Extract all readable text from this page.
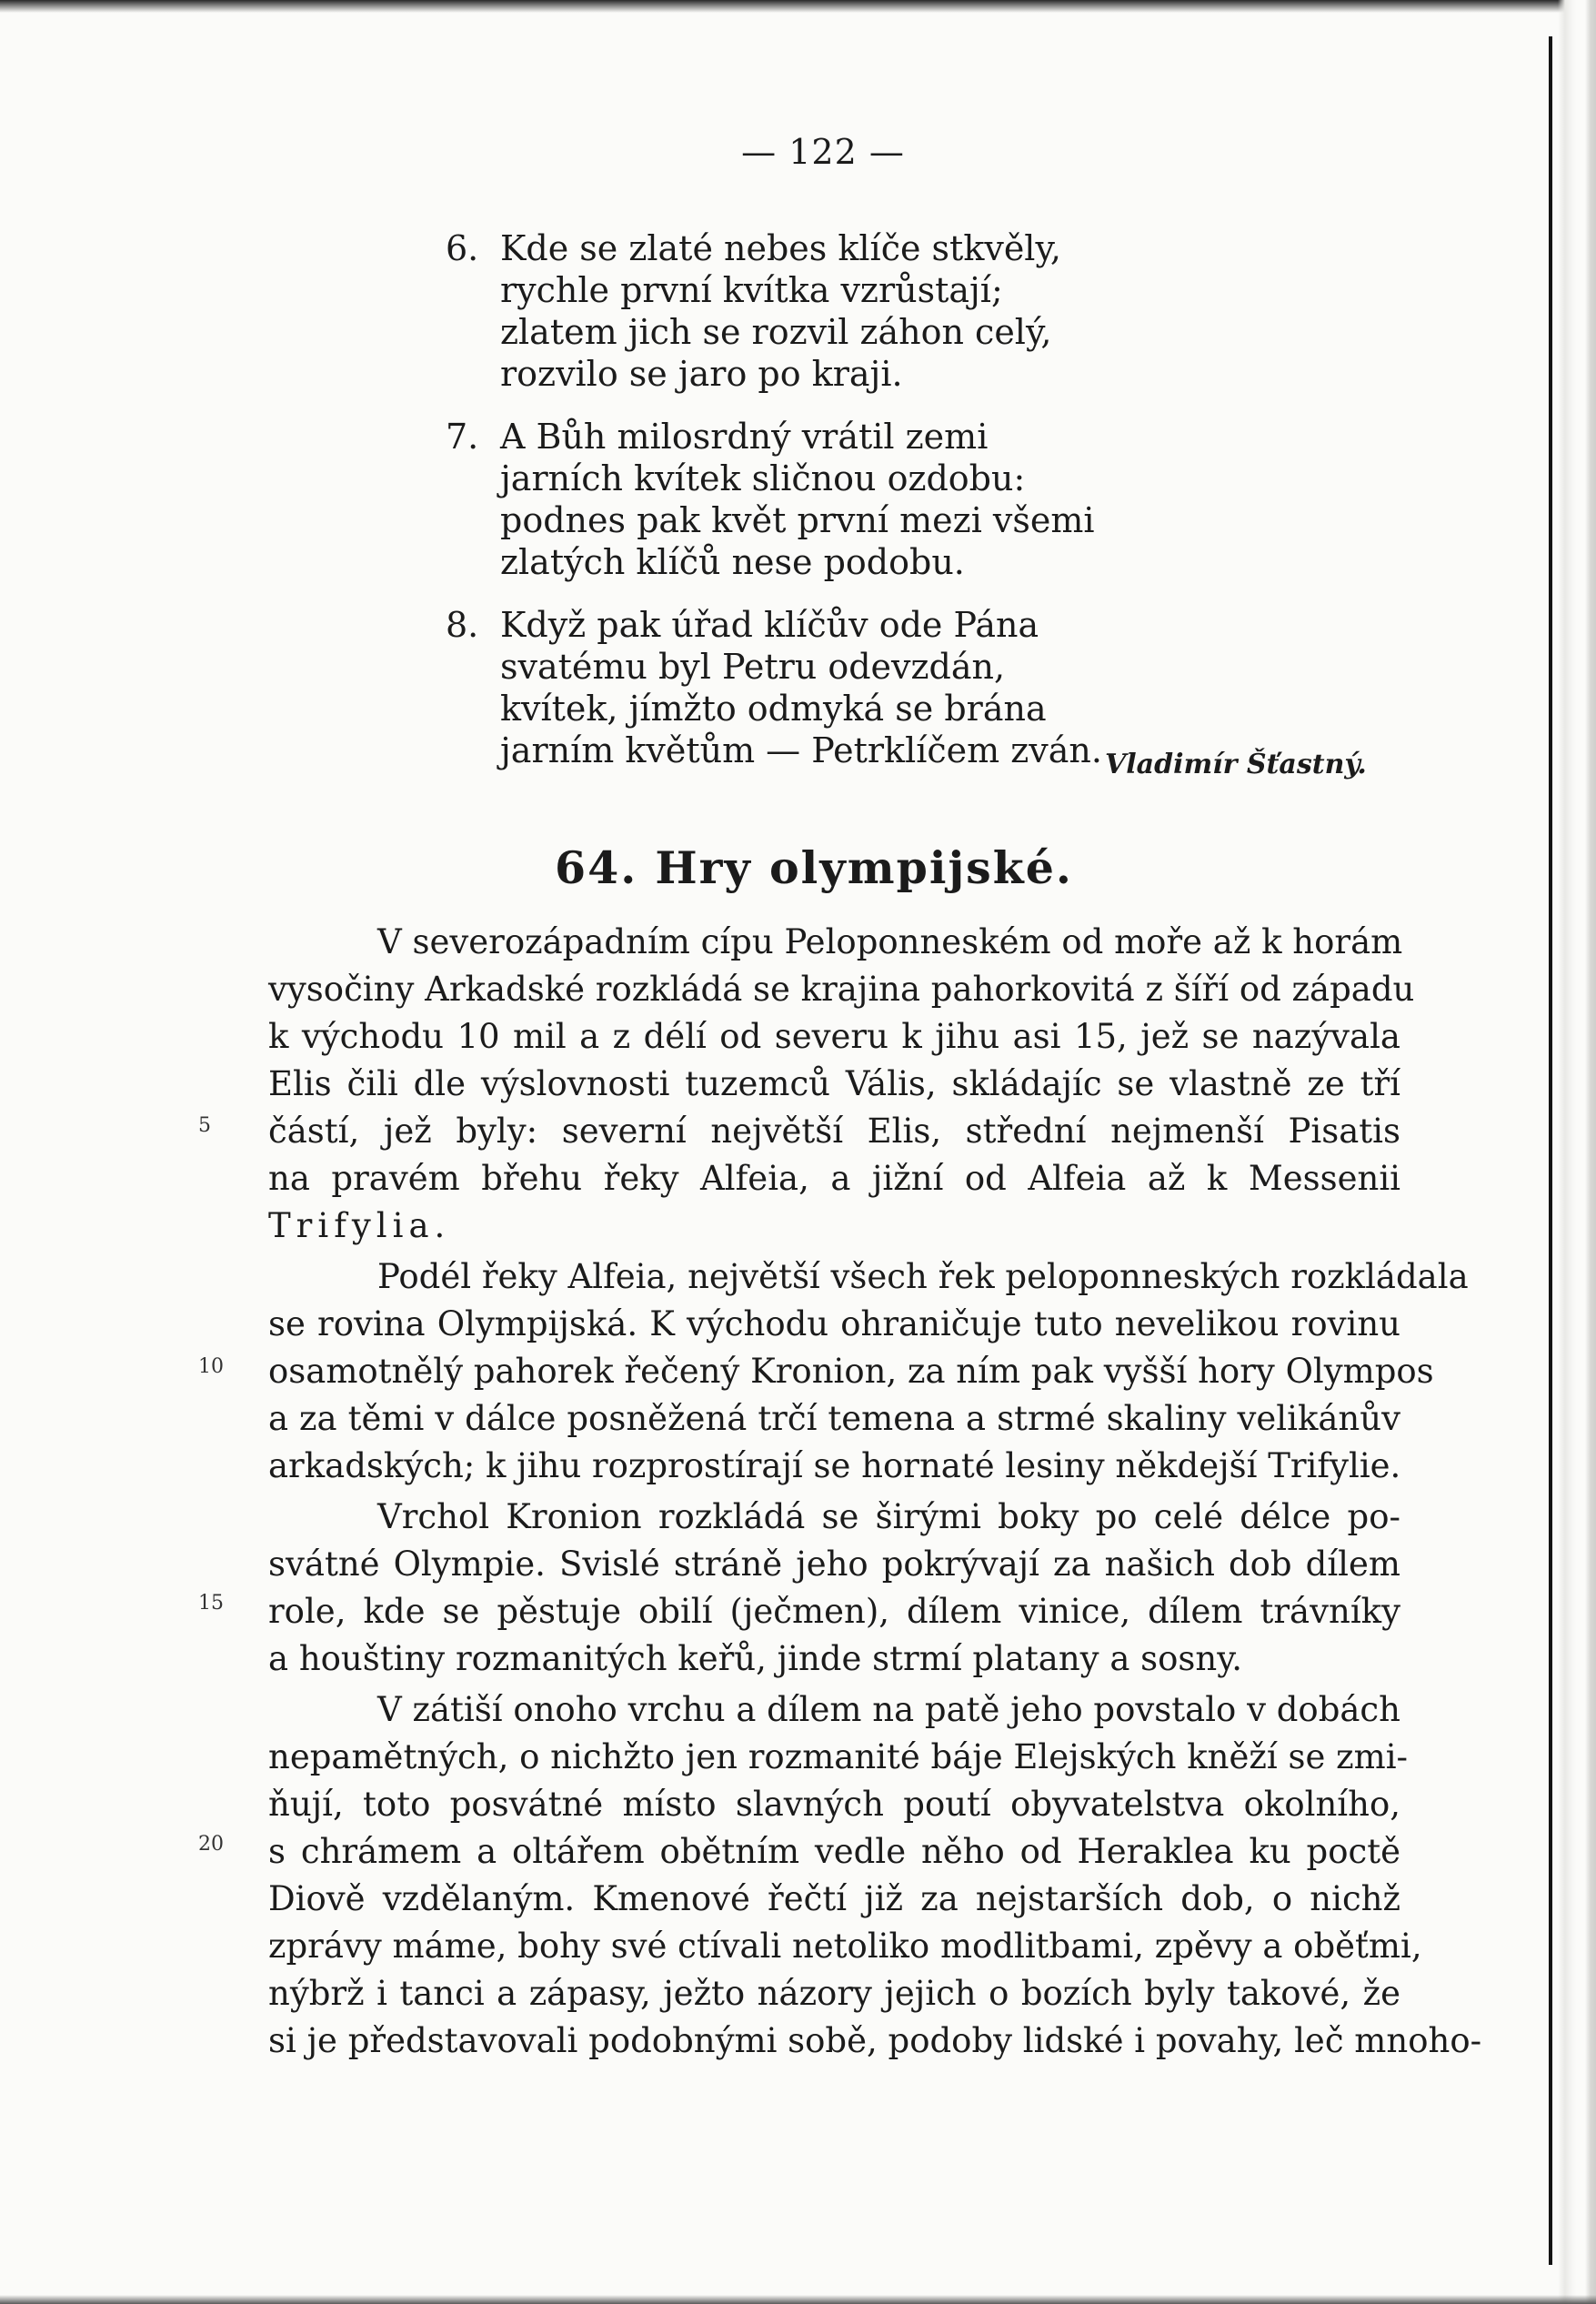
— 122 —
6. Kde se zlaté nebes klíče stkvěly,
rychle první kvítka vzrůstají;
zlatem jich se rozvil záhon celý,
rozvilo se jaro po kraji.
7. A Bůh milosrdný vrátil zemi
jarních kvítek sličnou ozdobu:
podnes pak květ první mezi všemi
zlatých klíčů nese podobu.
8. Když pak úřad klíčův ode Pána
svatému byl Petru odevzdán,
kvítek, jímžto odmyká se brána
jarním květům — Petrklíčem zván. Vladimír Šťastný.
64. Hry olympijské.
V severozápadním cípu Peloponneském od moře až k horám
vysočiny Arkadské rozkládá se krajina pahorkovitá z šíří od západu
k východu 10 mil a z délí od severu k jihu asi 15, jež se nazývala
Elis čili dle výslovnosti tuzemců Vális, skládajíc se vlastně ze tří
částí, jež byly: severní největší Elis, střední nejmenší Pisatis
na pravém břehu řeky Alfeia, a jižní od Alfeia až k Messenii
Trifylia.
Podél řeky Alfeia, největší všech řek peloponneských rozkládala
se rovina Olympijská. K východu ohraničuje tuto nevelikou rovinu
osamotnělý pahorek řečený Kronion, za ním pak vyšší hory Olympos
a za těmi v dálce posněžená trčí temena a strmé skaliny velikánův
arkadských; k jihu rozprostírají se hornaté lesiny někdejší Trifylie.
Vrchol Kronion rozkládá se širými boky po celé délce po-
svátné Olympie. Svislé stráně jeho pokrývají za našich dob dílem
role, kde se pěstuje obilí (ječmen), dílem vinice, dílem trávníky
a houštiny rozmanitých keřů, jinde strmí platany a sosny.
V zátiší onoho vrchu a dílem na patě jeho povstalo v dobách
nepamětných, o nichžto jen rozmanité báje Elejských kněží se zmi-
ňují, toto posvátné místo slavných poutí obyvatelstva okolního,
s chrámem a oltářem obětním vedle něho od Herakleа ku poctě
Diově vzdělaným. Kmenové řečtí již za nejstarších dob, o nichž
zprávy máme, bohy své ctívali netoliko modlitbami, zpěvy a oběťmi,
nýbrž i tanci a zápasy, ježto názory jejich o bozích byly takové, že
si je představovali podobnými sobě, podoby lidské i povahy, leč mnoho-
5
10
15
20
